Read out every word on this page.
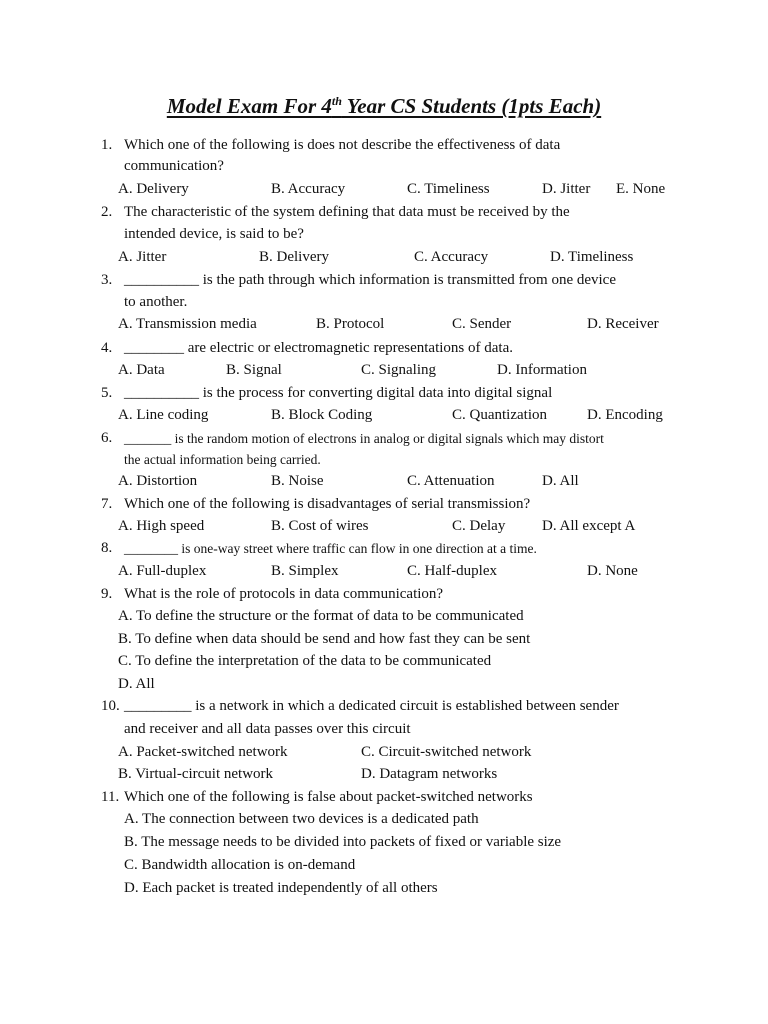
Model Exam For 4th Year CS Students (1pts Each)
1. Which one of the following is does not describe the effectiveness of data
communication?
A. Delivery	B. Accuracy	C. Timeliness	D. Jitter E. None
2. The characteristic of the system defining that data must be received by the
intended device, is said to be?
A. Jitter	B. Delivery	C. Accuracy	D. Timeliness
3. __________ is the path through which information is transmitted from one device
to another.
A. Transmission media	B. Protocol	C. Sender	D. Receiver
4. ________ are electric or electromagnetic representations of data.
A. Data	B. Signal	C. Signaling	D. Information
5. __________ is the process for converting digital data into digital signal
A. Line coding	B. Block Coding	C. Quantization	D. Encoding
6. _______ is the random motion of electrons in analog or digital signals which may distort
the actual information being carried.
A. Distortion	B. Noise	C. Attenuation	D. All
7. Which one of the following is disadvantages of serial transmission?
A. High speed	B. Cost of wires	C. Delay D. All except A
8. ________ is one-way street where traffic can flow in one direction at a time.
A. Full-duplex	B. Simplex	C. Half-duplex	D. None
9. What is the role of protocols in data communication?
A. To define the structure or the format of data to be communicated
B. To define when data should be send and how fast they can be sent
C. To define the interpretation of the data to be communicated
D. All
10. _________ is a network in which a dedicated circuit is established between sender
and receiver and all data passes over this circuit
A. Packet-switched network	C. Circuit-switched network
B. Virtual-circuit network	D. Datagram networks
11. Which one of the following is false about packet-switched networks
A. The connection between two devices is a dedicated path
B. The message needs to be divided into packets of fixed or variable size
C. Bandwidth allocation is on-demand
D. Each packet is treated independently of all others
